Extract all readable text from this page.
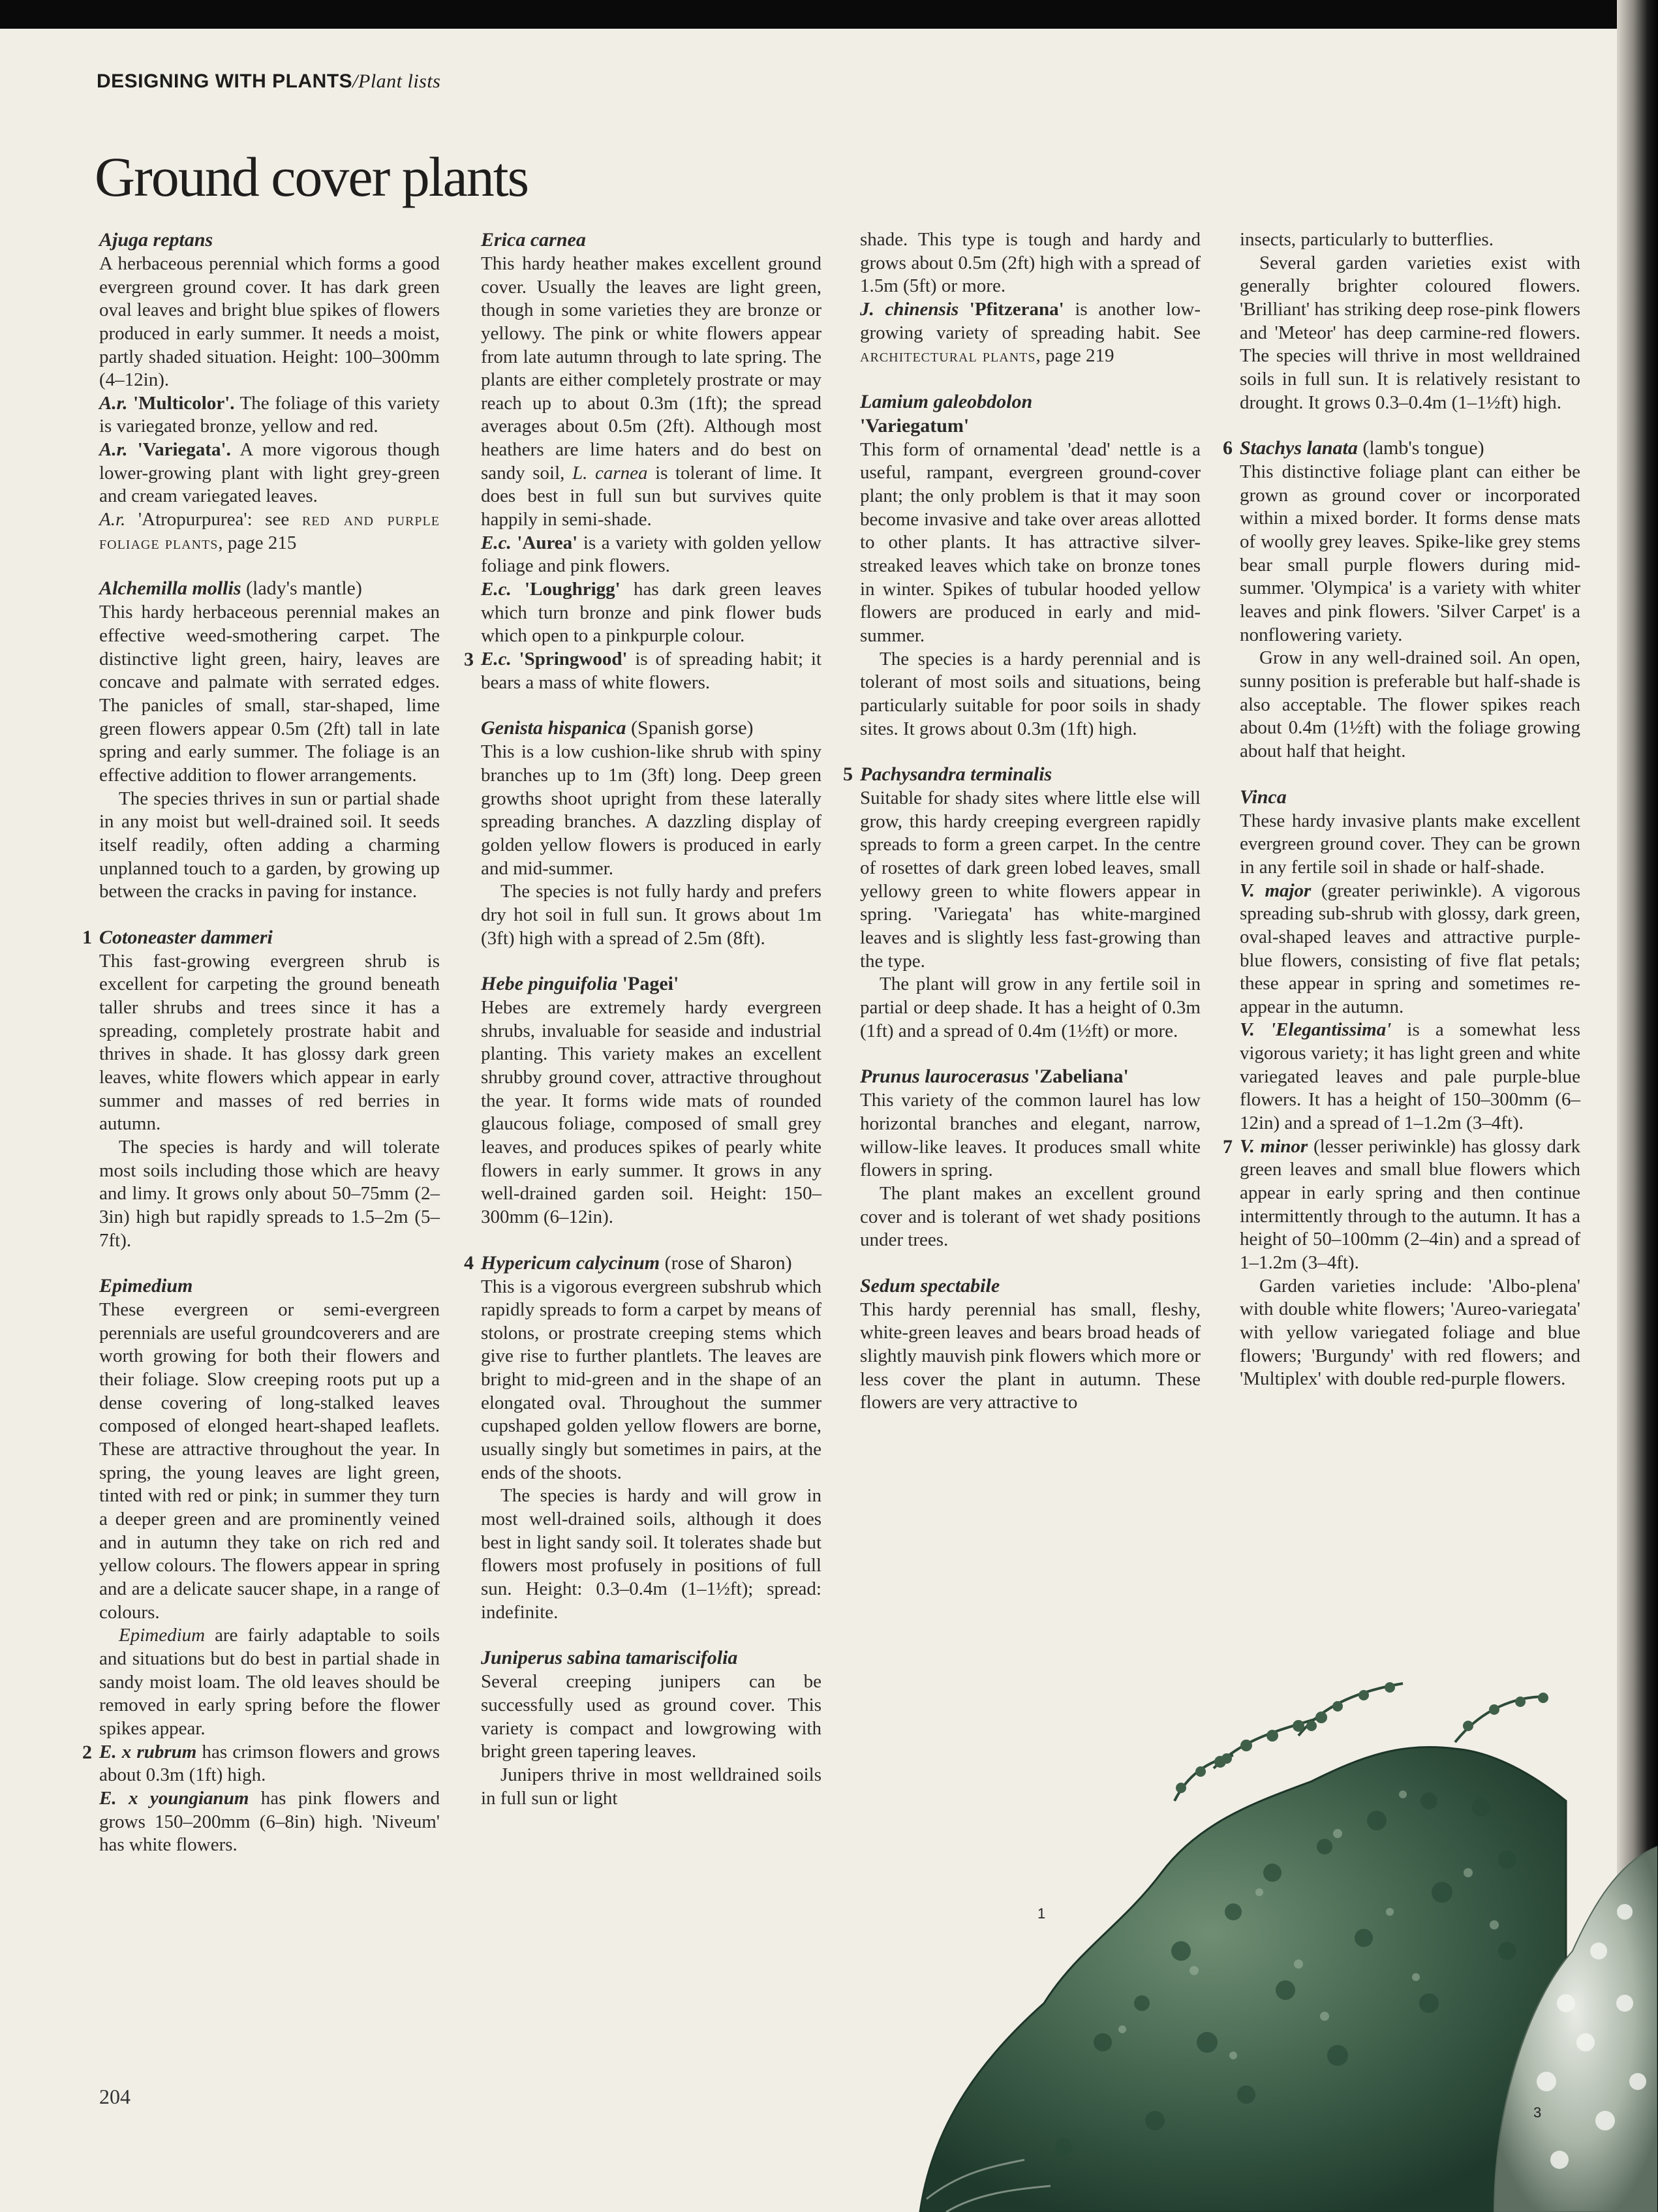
DESIGNING WITH PLANTS/Plant lists
Ground cover plants
Ajuga reptans

A herbaceous perennial which forms a good evergreen ground cover. It has dark green oval leaves and bright blue spikes of flowers produced in early summer. It needs a moist, partly shaded situation. Height: 100–300mm (4–12in).

A.r. 'Multicolor'. The foliage of this variety is variegated bronze, yellow and red.

A.r. 'Variegata'. A more vigorous though lower-growing plant with light grey-green and cream variegated leaves.

A.r. 'Atropurpurea': see red and purple foliage plants, page 215

Alchemilla mollis (lady's mantle)

This hardy herbaceous perennial makes an effective weed-smothering carpet. The distinctive light green, hairy, leaves are concave and palmate with serrated edges. The panicles of small, star-shaped, lime green flowers appear 0.5m (2ft) tall in late spring and early summer. The foliage is an effective addition to flower arrangements.

The species thrives in sun or partial shade in any moist but well-drained soil. It seeds itself readily, often adding a charming unplanned touch to a garden, by growing up between the cracks in paving for instance.

1 Cotoneaster dammeri

This fast-growing evergreen shrub is excellent for carpeting the ground beneath taller shrubs and trees since it has a spreading, completely prostrate habit and thrives in shade. It has glossy dark green leaves, white flowers which appear in early summer and masses of red berries in autumn.

The species is hardy and will tolerate most soils including those which are heavy and limy. It grows only about 50–75mm (2–3in) high but rapidly spreads to 1.5–2m (5–7ft).

Epimedium

These evergreen or semi-evergreen perennials are useful groundcoverers and are worth growing for both their flowers and their foliage. Slow creeping roots put up a dense covering of long-stalked leaves composed of elonged heart-shaped leaflets. These are attractive throughout the year. In spring, the young leaves are light green, tinted with red or pink; in summer they turn a deeper green and are prominently veined and in autumn they take on rich red and yellow colours. The flowers appear in spring and are a delicate saucer shape, in a range of colours.

Epimedium are fairly adaptable to soils and situations but do best in partial shade in sandy moist loam. The old leaves should be removed in early spring before the flower spikes appear.

2 E. x rubrum has crimson flowers and grows about 0.3m (1ft) high.

E. x youngianum has pink flowers and grows 150–200mm (6–8in) high. 'Niveum' has white flowers.

Erica carnea

This hardy heather makes excellent ground cover. Usually the leaves are light green, though in some varieties they are bronze or yellowy. The pink or white flowers appear from late autumn through to late spring. The plants are either completely prostrate or may reach up to about 0.3m (1ft); the spread averages about 0.5m (2ft). Although most heathers are lime haters and do best on sandy soil, L. carnea is tolerant of lime. It does best in full sun but survives quite happily in semi-shade.

E.c. 'Aurea' is a variety with golden yellow foliage and pink flowers.

E.c. 'Loughrigg' has dark green leaves which turn bronze and pink flower buds which open to a pinkpurple colour.

3 E.c. 'Springwood' is of spreading habit; it bears a mass of white flowers.

Genista hispanica (Spanish gorse)

This is a low cushion-like shrub with spiny branches up to 1m (3ft) long. Deep green growths shoot upright from these laterally spreading branches. A dazzling display of golden yellow flowers is produced in early and mid-summer.

The species is not fully hardy and prefers dry hot soil in full sun. It grows about 1m (3ft) high with a spread of 2.5m (8ft).

Hebe pinguifolia 'Pagei'

Hebes are extremely hardy evergreen shrubs, invaluable for seaside and industrial planting. This variety makes an excellent shrubby ground cover, attractive throughout the year. It forms wide mats of rounded glaucous foliage, composed of small grey leaves, and produces spikes of pearly white flowers in early summer. It grows in any well-drained garden soil. Height: 150–300mm (6–12in).

4 Hypericum calycinum (rose of Sharon)

This is a vigorous evergreen subshrub which rapidly spreads to form a carpet by means of stolons, or prostrate creeping stems which give rise to further plantlets. The leaves are bright to mid-green and in the shape of an elongated oval. Throughout the summer cupshaped golden yellow flowers are borne, usually singly but sometimes in pairs, at the ends of the shoots.

The species is hardy and will grow in most well-drained soils, although it does best in light sandy soil. It tolerates shade but flowers most profusely in positions of full sun. Height: 0.3–0.4m (1–1½ft); spread: indefinite.

Juniperus sabina tamariscifolia

Several creeping junipers can be successfully used as ground cover. This variety is compact and lowgrowing with bright green tapering leaves.

Junipers thrive in most welldrained soils in full sun or light

shade. This type is tough and hardy and grows about 0.5m (2ft) high with a spread of 1.5m (5ft) or more.

J. chinensis 'Pfitzerana' is another low-growing variety of spreading habit. See architectural plants, page 219

Lamium galeobdolon
'Variegatum'

This form of ornamental 'dead' nettle is a useful, rampant, evergreen ground-cover plant; the only problem is that it may soon become invasive and take over areas allotted to other plants. It has attractive silver-streaked leaves which take on bronze tones in winter. Spikes of tubular hooded yellow flowers are produced in early and mid-summer.

The species is a hardy perennial and is tolerant of most soils and situations, being particularly suitable for poor soils in shady sites. It grows about 0.3m (1ft) high.

5 Pachysandra terminalis

Suitable for shady sites where little else will grow, this hardy creeping evergreen rapidly spreads to form a green carpet. In the centre of rosettes of dark green lobed leaves, small yellowy green to white flowers appear in spring. 'Variegata' has white-margined leaves and is slightly less fast-growing than the type.

The plant will grow in any fertile soil in partial or deep shade. It has a height of 0.3m (1ft) and a spread of 0.4m (1½ft) or more.

Prunus laurocerasus 'Zabeliana'

This variety of the common laurel has low horizontal branches and elegant, narrow, willow-like leaves. It produces small white flowers in spring.

The plant makes an excellent ground cover and is tolerant of wet shady positions under trees.

Sedum spectabile

This hardy perennial has small, fleshy, white-green leaves and bears broad heads of slightly mauvish pink flowers which more or less cover the plant in autumn. These flowers are very attractive to

insects, particularly to butterflies.

Several garden varieties exist with generally brighter coloured flowers. 'Brilliant' has striking deep rose-pink flowers and 'Meteor' has deep carmine-red flowers. The species will thrive in most welldrained soils in full sun. It is relatively resistant to drought. It grows 0.3–0.4m (1–1½ft) high.

6 Stachys lanata (lamb's tongue)

This distinctive foliage plant can either be grown as ground cover or incorporated within a mixed border. It forms dense mats of woolly grey leaves. Spike-like grey stems bear small purple flowers during mid-summer. 'Olympica' is a variety with whiter leaves and pink flowers. 'Silver Carpet' is a nonflowering variety.

Grow in any well-drained soil. An open, sunny position is preferable but half-shade is also acceptable. The flower spikes reach about 0.4m (1½ft) with the foliage growing about half that height.

Vinca

These hardy invasive plants make excellent evergreen ground cover. They can be grown in any fertile soil in shade or half-shade.

V. major (greater periwinkle). A vigorous spreading sub-shrub with glossy, dark green, oval-shaped leaves and attractive purple-blue flowers, consisting of five flat petals; these appear in spring and sometimes re-appear in the autumn.

V. 'Elegantissima' is a somewhat less vigorous variety; it has light green and white variegated leaves and pale purple-blue flowers. It has a height of 150–300mm (6–12in) and a spread of 1–1.2m (3–4ft).

7 V. minor (lesser periwinkle) has glossy dark green leaves and small blue flowers which appear in early spring and then continue intermittently through to the autumn. It has a height of 50–100mm (2–4in) and a spread of 1–1.2m (3–4ft).

Garden varieties include: 'Albo-plena' with double white flowers; 'Aureo-variegata' with yellow variegated foliage and blue flowers; 'Burgundy' with red flowers; and 'Multiplex' with double red-purple flowers.

1
3
204
